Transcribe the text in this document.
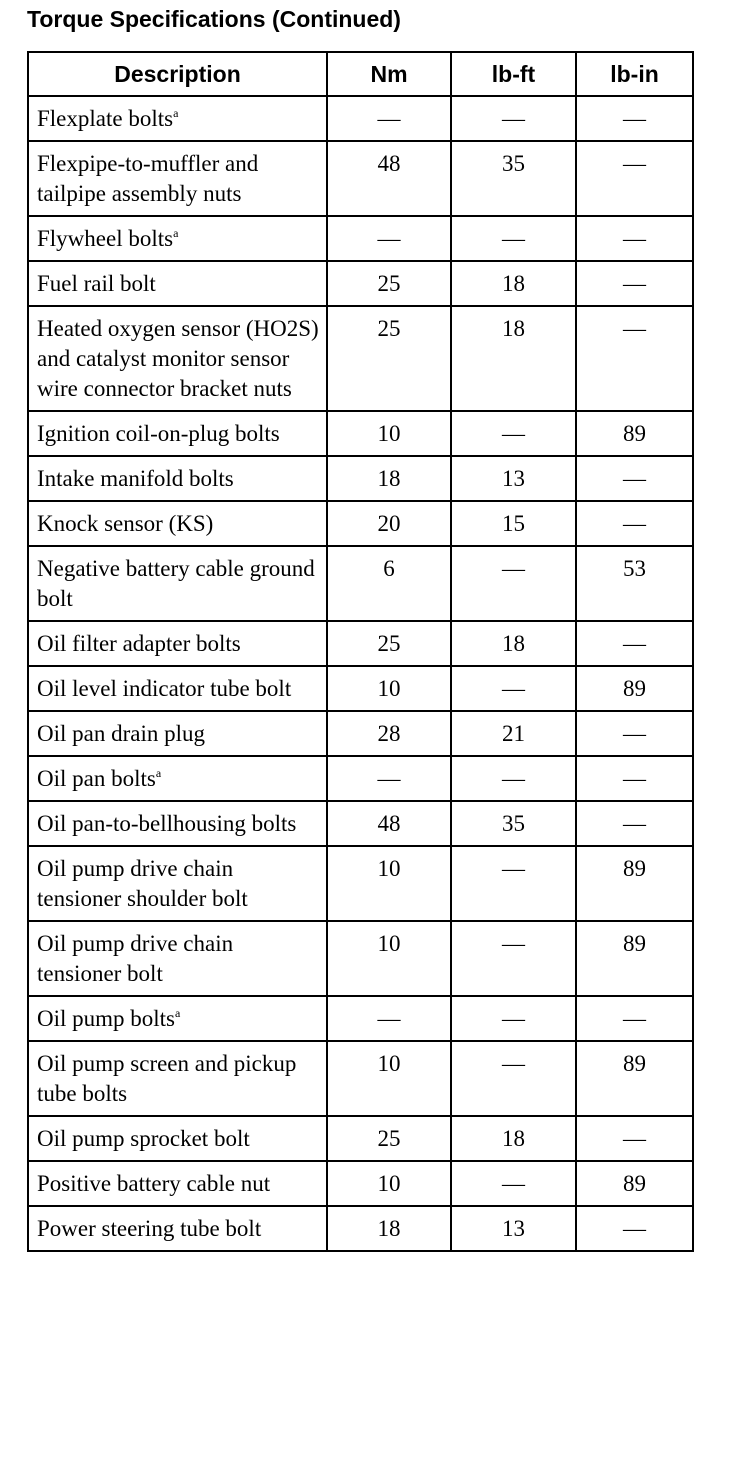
Torque Specifications (Continued)
Description	Nm	lb-ft	lb-in
Flexplate bolts$^a$	—	—	—
Flexpipe-to-muffler and tailpipe assembly nuts	48	35	—
Flywheel bolts$^a$	—	—	—
Fuel rail bolt	25	18	—
Heated oxygen sensor (HO2S) and catalyst monitor sensor wire connector bracket nuts	25	18	—
Ignition coil-on-plug bolts	10	—	89
Intake manifold bolts	18	13	—
Knock sensor (KS)	20	15	—
Negative battery cable ground bolt	6	—	53
Oil filter adapter bolts	25	18	—
Oil level indicator tube bolt	10	—	89
Oil pan drain plug	28	21	—
Oil pan bolts$^a$	—	—	—
Oil pan-to-bellhousing bolts	48	35	—
Oil pump drive chain tensioner shoulder bolt	10	—	89
Oil pump drive chain tensioner bolt	10	—	89
Oil pump bolts$^a$	—	—	—
Oil pump screen and pickup tube bolts	10	—	89
Oil pump sprocket bolt	25	18	—
Positive battery cable nut	10	—	89
Power steering tube bolt	18	13	—
